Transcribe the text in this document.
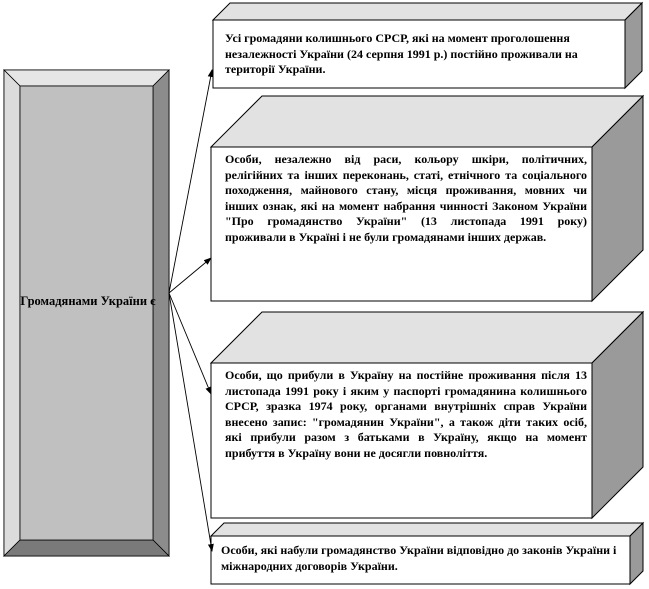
Громадянами України є

Усі громадяни колишнього СРСР, які на момент проголошення незалежності України (24 серпня 1991 р.) постійно проживали на території України.

Особи, незалежно від раси, кольору шкіри, політичних, релігійних та інших переконань, статі, етнічного та соціального походження, майнового стану, місця проживання, мовних чи інших ознак, які на момент набрання чинності Законом України "Про громадянство України" (13 листопада 1991 року) проживали в Україні і не були громадянами інших держав.

Особи, що прибули в Україну на постійне проживання після 13 листопада 1991 року і яким у паспорті громадянина колишнього СРСР, зразка 1974 року, органами внутрішніх справ України внесено запис: "громадянин України", а також діти таких осіб, які прибули разом з батьками в Україну, якщо на момент прибуття в Україну вони не досягли повноліття.

Особи, які набули громадянство України відповідно до законів України і міжнародних договорів України.
